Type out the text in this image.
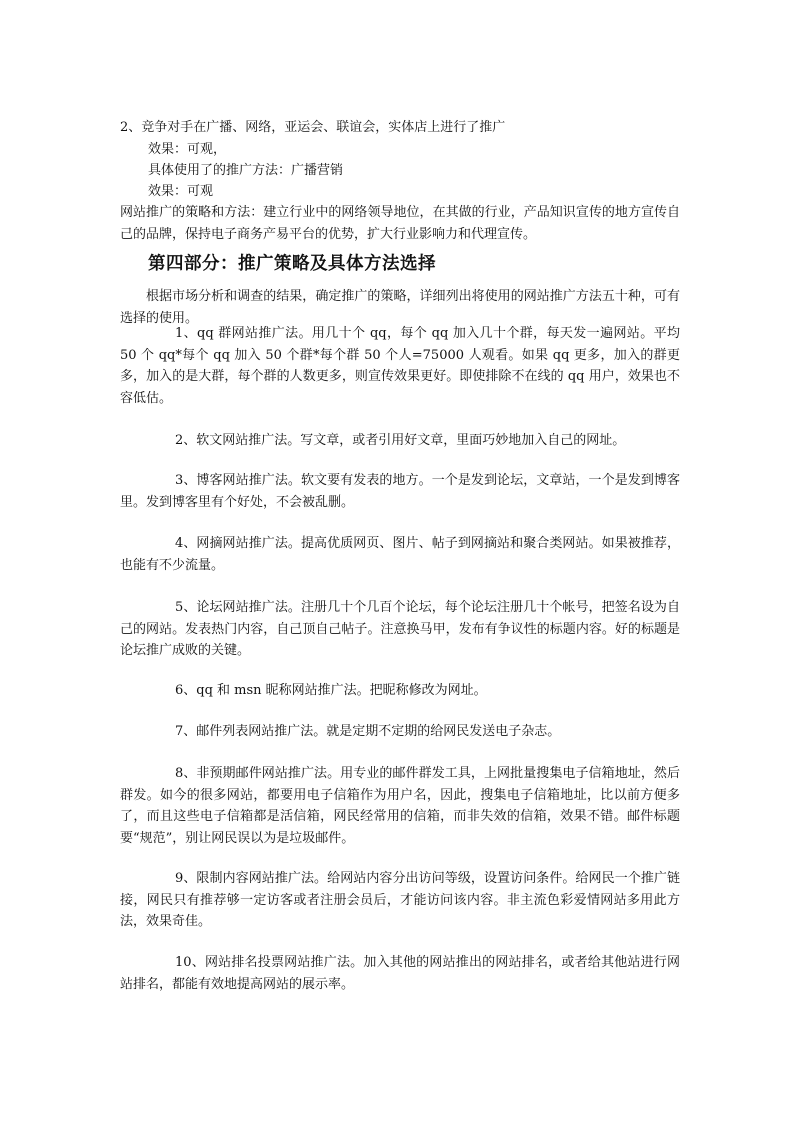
2、竞争对手在广播、网络，亚运会、联谊会，实体店上进行了推广
效果：可观，
具体使用了的推广方法：广播营销
效果：可观
网站推广的策略和方法：建立行业中的网络领导地位，在其做的行业，产品知识宣传的地方宣传自己的品牌，保持电子商务产易平台的优势，扩大行业影响力和代理宣传。
第四部分：推广策略及具体方法选择
根据市场分析和调查的结果，确定推广的策略，详细列出将使用的网站推广方法五十种，可有选择的使用。
1、qq 群网站推广法。用几十个 qq，每个 qq 加入几十个群，每天发一遍网站。平均 50 个 qq*每个 qq 加入 50 个群*每个群 50 个人=75000 人观看。如果 qq 更多，加入的群更多，加入的是大群，每个群的人数更多，则宣传效果更好。即使排除不在线的 qq 用户，效果也不容低估。
2、软文网站推广法。写文章，或者引用好文章，里面巧妙地加入自己的网址。
3、博客网站推广法。软文要有发表的地方。一个是发到论坛，文章站，一个是发到博客里。发到博客里有个好处，不会被乱删。
4、网摘网站推广法。提高优质网页、图片、帖子到网摘站和聚合类网站。如果被推荐，也能有不少流量。
5、论坛网站推广法。注册几十个几百个论坛，每个论坛注册几十个帐号，把签名设为自己的网站。发表热门内容，自己顶自己帖子。注意换马甲，发布有争议性的标题内容。好的标题是论坛推广成败的关键。
6、qq 和 msn 昵称网站推广法。把昵称修改为网址。
7、邮件列表网站推广法。就是定期不定期的给网民发送电子杂志。
8、非预期邮件网站推广法。用专业的邮件群发工具，上网批量搜集电子信箱地址，然后群发。如今的很多网站，都要用电子信箱作为用户名，因此，搜集电子信箱地址，比以前方便多了，而且这些电子信箱都是活信箱，网民经常用的信箱，而非失效的信箱，效果不错。邮件标题要“规范”，别让网民误以为是垃圾邮件。
9、限制内容网站推广法。给网站内容分出访问等级，设置访问条件。给网民一个推广链接，网民只有推荐够一定访客或者注册会员后，才能访问该内容。非主流色彩爱情网站多用此方法，效果奇佳。
10、网站排名投票网站推广法。加入其他的网站推出的网站排名，或者给其他站进行网站排名，都能有效地提高网站的展示率。
